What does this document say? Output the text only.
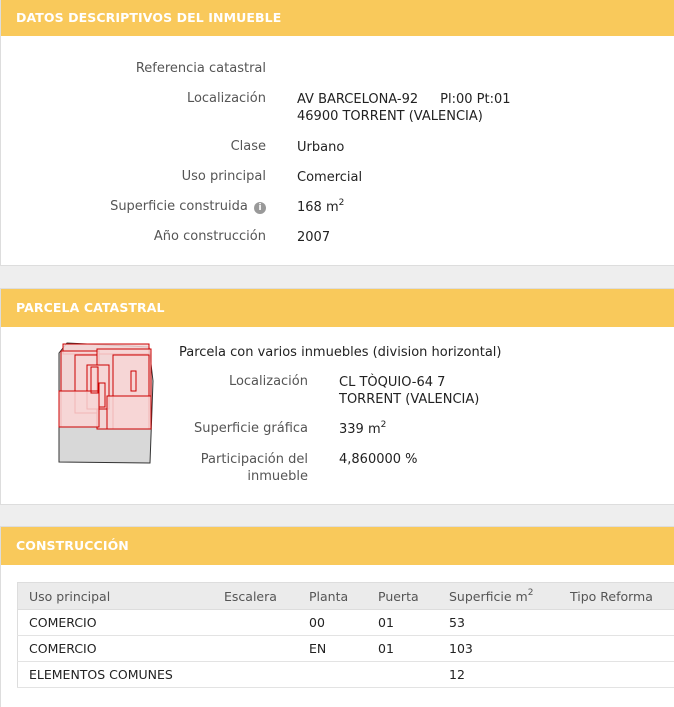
DATOS DESCRIPTIVOS DEL INMUEBLE
Referencia catastral
Localización AV BARCELONA-92 Pl:00 Pt:01
46900 TORRENT (VALENCIA)
Clase Urbano
Uso principal Comercial
Superficie construida i	168 $m^2$
Año construcción 2007
PARCELA CATASTRAL
Parcela con varios inmuebles (division horizontal)
Localización CL TÒQUIO-64 7
TORRENT (VALENCIA)
Superficie gráfica 339 $m^2$
Participación del
inmueble
4,860000 %
CONSTRUCCIÓN
Uso principal	Escalera	Planta	Puerta	Superficie $m^2$	Tipo Reforma
COMERCIO		00	01	53	
COMERCIO		EN	01	103	
ELEMENTOS COMUNES				12	
